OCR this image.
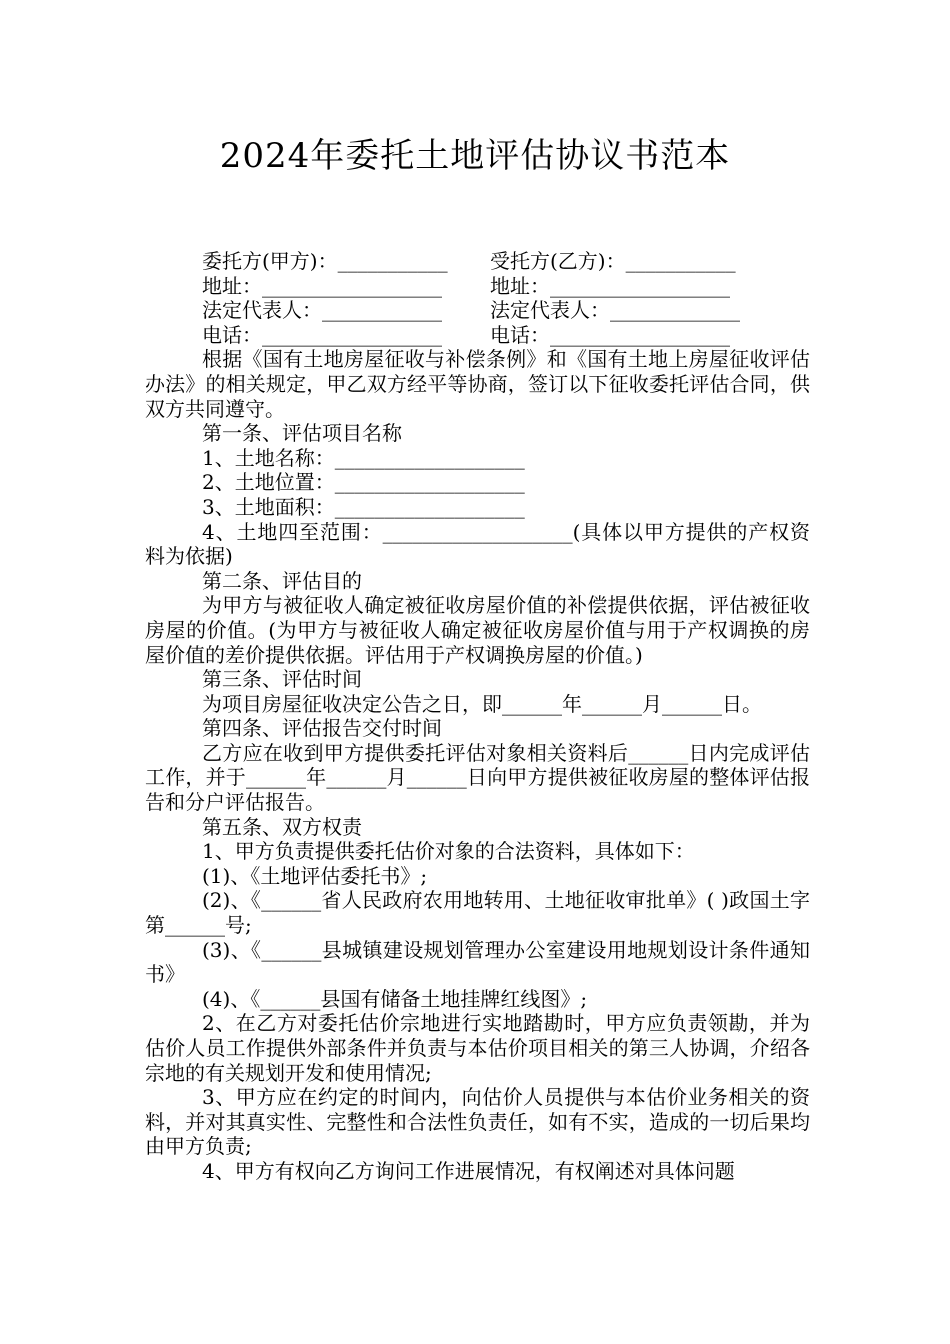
2024年委托土地评估协议书范本
委托方(甲方)：___________ 受托方(乙方)：___________
地址：__________________ 地址：__________________
法定代表人：____________ 法定代表人：_____________
电话：__________________ 电话：__________________
根据《国有土地房屋征收与补偿条例》和《国有土地上房屋征收评估办法》的相关规定，甲乙双方经平等协商，签订以下征收委托评估合同，供双方共同遵守。
第一条、评估项目名称
1、土地名称：___________________
2、土地位置：___________________
3、土地面积：___________________
4、土地四至范围：___________________(具体以甲方提供的产权资料为依据)
第二条、评估目的
为甲方与被征收人确定被征收房屋价值的补偿提供依据，评估被征收房屋的价值。(为甲方与被征收人确定被征收房屋价值与用于产权调换的房屋价值的差价提供依据。评估用于产权调换房屋的价值。)
第三条、评估时间
为项目房屋征收决定公告之日，即______年______月______日。
第四条、评估报告交付时间
乙方应在收到甲方提供委托评估对象相关资料后______日内完成评估工作，并于______年______月______日向甲方提供被征收房屋的整体评估报告和分户评估报告。
第五条、双方权责
1、甲方负责提供委托估价对象的合法资料，具体如下：
(1)、《土地评估委托书》;
(2)、《______省人民政府农用地转用、土地征收审批单》( )政国土字第______号;
(3)、《______县城镇建设规划管理办公室建设用地规划设计条件通知书》
(4)、《______县国有储备土地挂牌红线图》;
2、在乙方对委托估价宗地进行实地踏勘时，甲方应负责领勘，并为估价人员工作提供外部条件并负责与本估价项目相关的第三人协调，介绍各宗地的有关规划开发和使用情况;
3、甲方应在约定的时间内，向估价人员提供与本估价业务相关的资料，并对其真实性、完整性和合法性负责任，如有不实，造成的一切后果均由甲方负责;
4、甲方有权向乙方询问工作进展情况，有权阐述对具体问题
